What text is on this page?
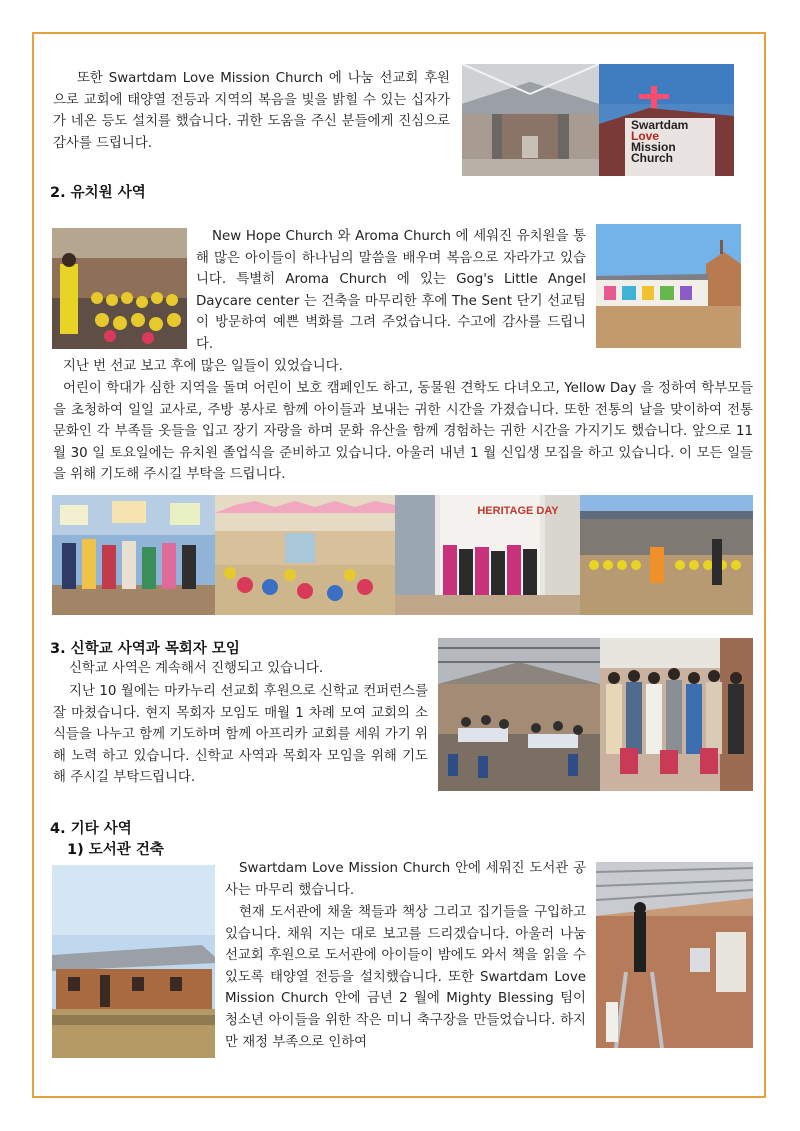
또한 Swartdam Love Mission Church 에 나눔 선교회 후원으로 교회에 태양열 전등과 지역의 복음을 빛을 밝힐 수 있는 십자가가 네온 등도 설치를 했습니다. 귀한 도움을 주신 분들에게 진심으로 감사를 드립니다.

Swartdam
Love
Mission
Church
2. 유치원 사역

New Hope Church 와 Aroma Church 에 세워진 유치원을 통해 많은 아이들이 하나님의 말씀을 배우며 복음으로 자라가고 있습니다. 특별히 Aroma Church 에 있는 Gog's Little Angel Daycare center 는 건축을 마무리한 후에 The Sent 단기 선교팀이 방문하여 예쁜 벽화를 그려 주었습니다. 수고에 감사를 드립니다.

지난 번 선교 보고 후에 많은 일들이 있었습니다.

어린이 학대가 심한 지역을 돌며 어린이 보호 캠페인도 하고, 동물원 견학도 다녀오고, Yellow Day 을 정하여 학부모들을 초청하여 일일 교사로, 주방 봉사로 함께 아이들과 보내는 귀한 시간을 가졌습니다. 또한 전통의 날을 맞이하여 전통 문화인 각 부족들 옷들을 입고 장기 자랑을 하며 문화 유산을 함께 경험하는 귀한 시간을 가지기도 했습니다. 앞으로 11 월 30 일 토요일에는 유치원 졸업식을 준비하고 있습니다. 아울러 내년 1 월 신입생 모집을 하고 있습니다. 이 모든 일들을 위해 기도해 주시길 부탁을 드립니다.

HERITAGE DAY
3. 신학교 사역과 목회자 모임

신학교 사역은 계속해서 진행되고 있습니다.

지난 10 월에는 마카누리 선교회 후원으로 신학교 컨퍼런스를 잘 마쳤습니다. 현지 목회자 모임도 매월 1 차례 모여 교회의 소식들을 나누고 함께 기도하며 함께 아프리카 교회를 세워 가기 위해 노력 하고 있습니다. 신학교 사역과 목회자 모임을 위해 기도해 주시길 부탁드립니다.

4. 기타 사역
1) 도서관 건축

Swartdam Love Mission Church 안에 세워진 도서관 공사는 마무리 했습니다.

현재 도서관에 채울 책들과 책상 그리고 집기들을 구입하고 있습니다. 채워 지는 대로 보고를 드리겠습니다. 아울러 나눔 선교회 후원으로 도서관에 아이들이 밤에도 와서 책을 읽을 수 있도록 태양열 전등을 설치했습니다. 또한 Swartdam Love Mission Church 안에 금년 2 월에 Mighty Blessing 팀이 청소년 아이들을 위한 작은 미니 축구장을 만들었습니다. 하지만 재정 부족으로 인하여
